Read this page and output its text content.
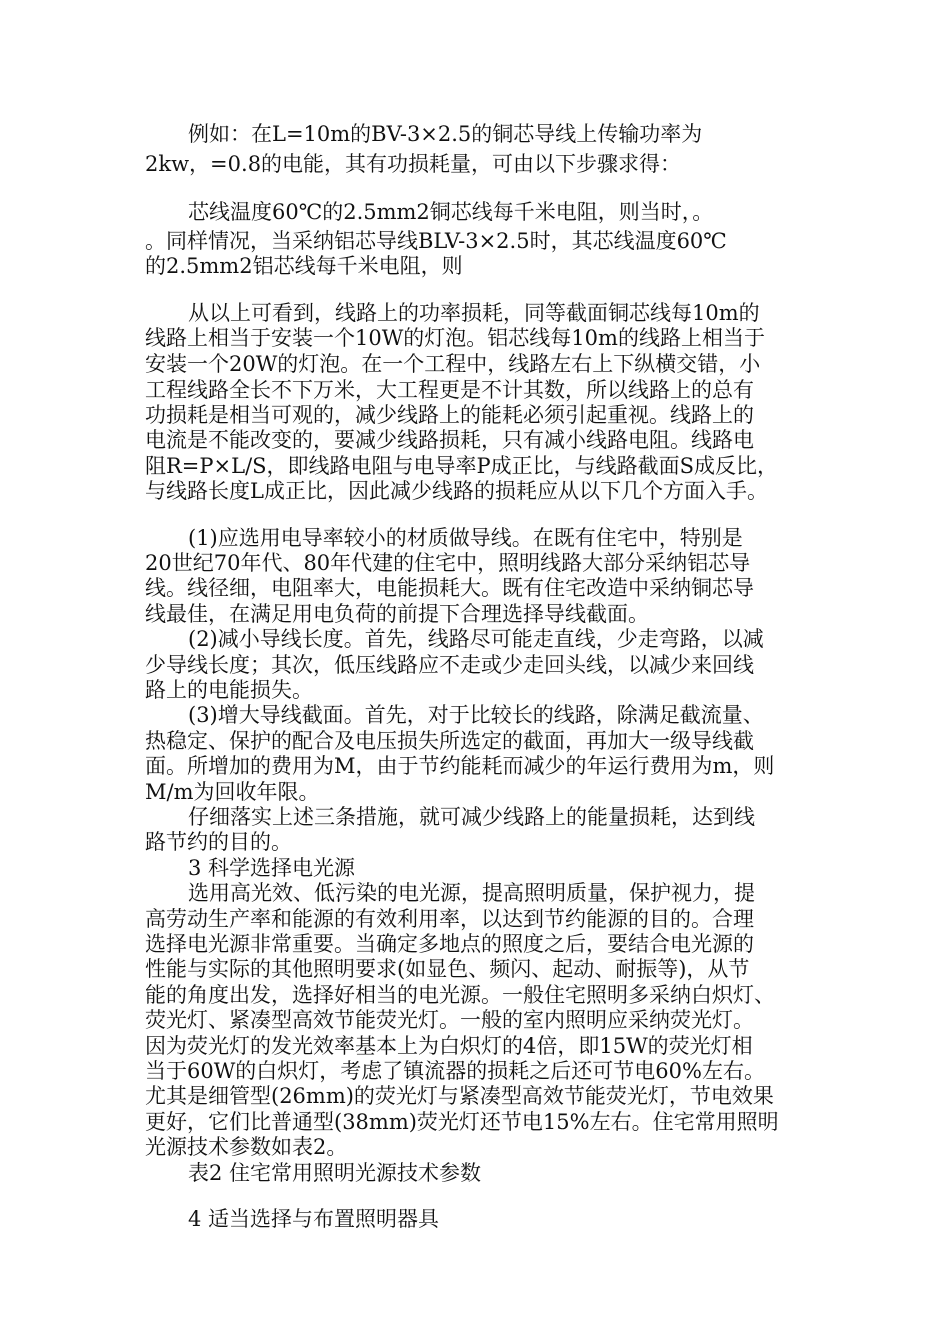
例如：在L=10m的BV-3×2.5的铜芯导线上传输功率为
2kw，=0.8的电能，其有功损耗量，可由以下步骤求得：
芯线温度60℃的2.5mm2铜芯线每千米电阻，则当时，。
。同样情况，当采纳铝芯导线BLV-3×2.5时，其芯线温度60℃
的2.5mm2铝芯线每千米电阻，则
从以上可看到，线路上的功率损耗，同等截面铜芯线每10m的
线路上相当于安装一个10W的灯泡。铝芯线每10m的线路上相当于
安装一个20W的灯泡。在一个工程中，线路左右上下纵横交错，小
工程线路全长不下万米，大工程更是不计其数，所以线路上的总有
功损耗是相当可观的，减少线路上的能耗必须引起重视。线路上的
电流是不能改变的，要减少线路损耗，只有减小线路电阻。线路电
阻R=P×L/S，即线路电阻与电导率P成正比，与线路截面S成反比，
与线路长度L成正比，因此减少线路的损耗应从以下几个方面入手。
(1)应选用电导率较小的材质做导线。在既有住宅中，特别是
20世纪70年代、80年代建的住宅中，照明线路大部分采纳铝芯导
线。线径细，电阻率大，电能损耗大。既有住宅改造中采纳铜芯导
线最佳，在满足用电负荷的前提下合理选择导线截面。
(2)减小导线长度。首先，线路尽可能走直线，少走弯路，以减
少导线长度；其次，低压线路应不走或少走回头线，以减少来回线
路上的电能损失。
(3)增大导线截面。首先，对于比较长的线路，除满足截流量、
热稳定、保护的配合及电压损失所选定的截面，再加大一级导线截
面。所增加的费用为M，由于节约能耗而减少的年运行费用为m，则
M/m为回收年限。
仔细落实上述三条措施，就可减少线路上的能量损耗，达到线
路节约的目的。
3 科学选择电光源
选用高光效、低污染的电光源，提高照明质量，保护视力，提
高劳动生产率和能源的有效利用率，以达到节约能源的目的。合理
选择电光源非常重要。当确定多地点的照度之后，要结合电光源的
性能与实际的其他照明要求(如显色、频闪、起动、耐振等)，从节
能的角度出发，选择好相当的电光源。一般住宅照明多采纳白炽灯、
荧光灯、紧凑型高效节能荧光灯。一般的室内照明应采纳荧光灯。
因为荧光灯的发光效率基本上为白炽灯的4倍，即15W的荧光灯相
当于60W的白炽灯，考虑了镇流器的损耗之后还可节电60%左右。
尤其是细管型(26mm)的荧光灯与紧凑型高效节能荧光灯，节电效果
更好，它们比普通型(38mm)荧光灯还节电15%左右。住宅常用照明
光源技术参数如表2。
表2 住宅常用照明光源技术参数
4 适当选择与布置照明器具
